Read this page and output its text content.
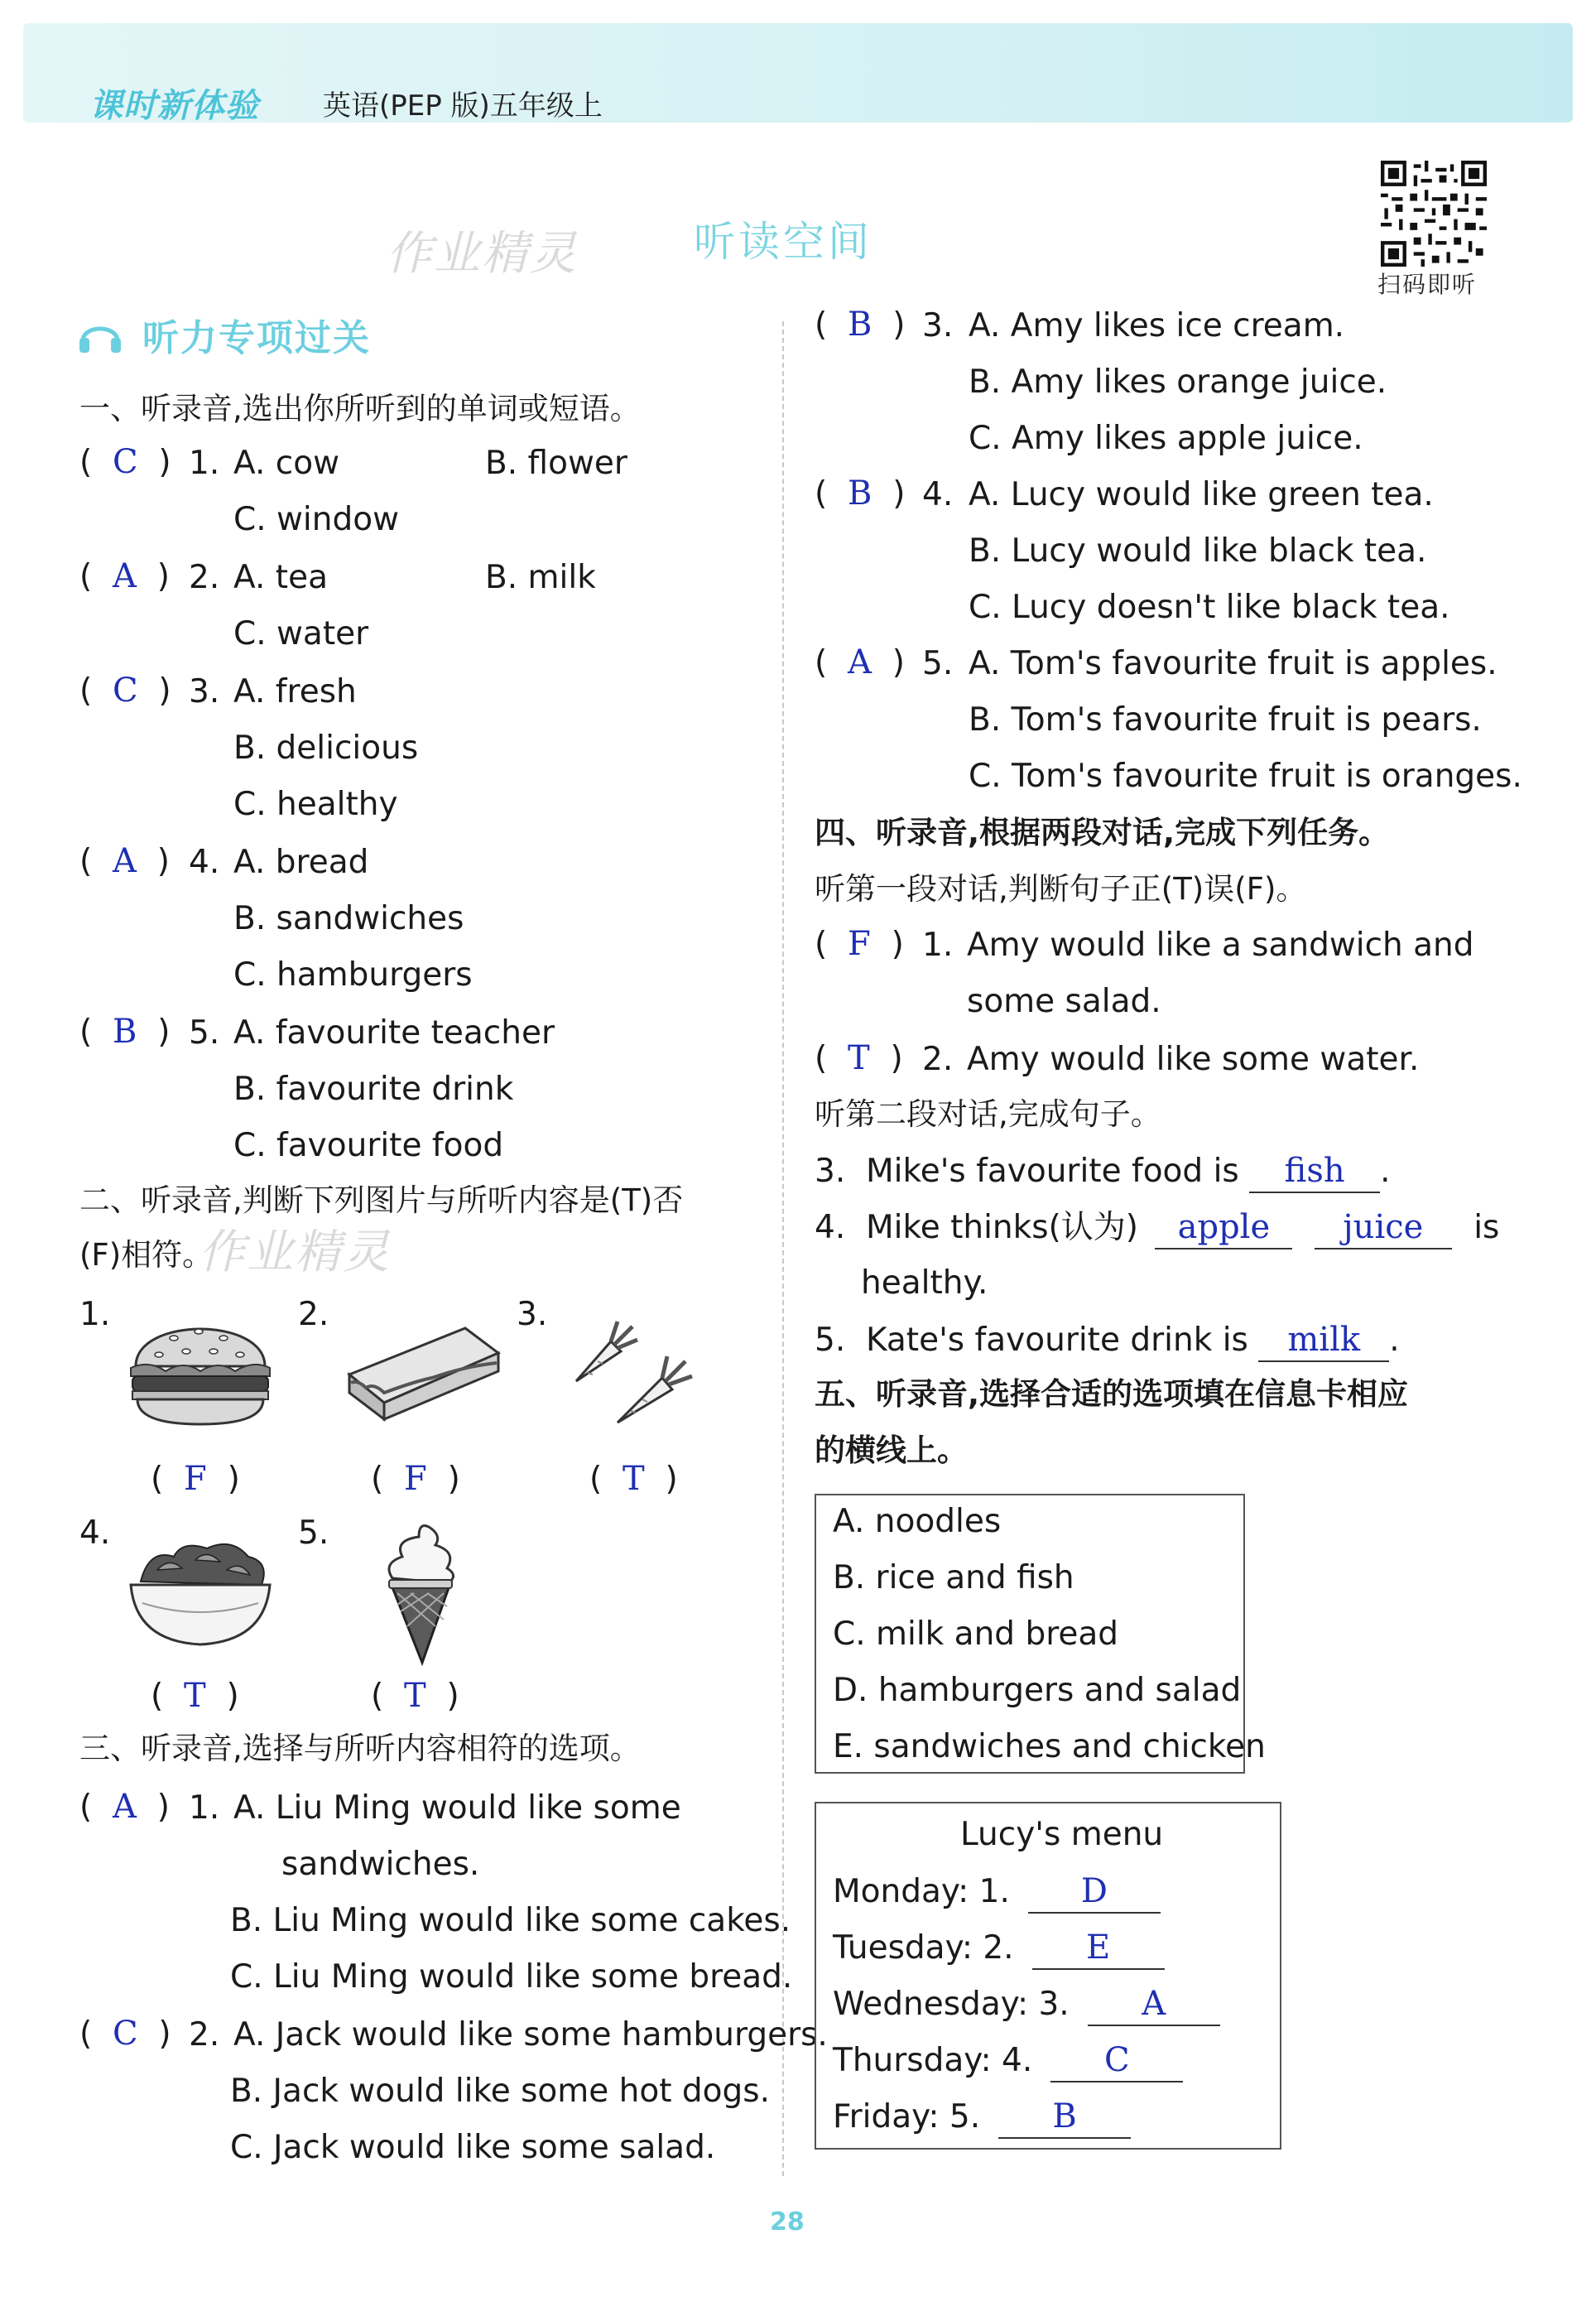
课时新体验 英语(PEP 版)五年级上
作业精灵	听读空间
扫码即听
听力专项过关
一、听录音,选出你所听到的单词或短语。
(  C  ) 1. A. cow	B. flower
C. window
(  A  ) 2. A. tea	B. milk
C. water
(  C  ) 3. A. fresh
B. delicious
C. healthy
(  A  ) 4. A. bread
B. sandwiches
C. hamburgers
(  B  ) 5. A. favourite teacher
B. favourite drink
C. favourite food
二、听录音,判断下列图片与所听内容是(T)否
(F)相符。
作业精灵
1.	2.	3.
4.	5.
(  F  )	(  F  )	(  T  )
(  T  )	(  T  )
三、听录音,选择与所听内容相符的选项。
(  A  ) 1. A. Liu Ming would like some
sandwiches.
B. Liu Ming would like some cakes.
C. Liu Ming would like some bread.
(  C  ) 2. A. Jack would like some hamburgers.
B. Jack would like some hot dogs.
C. Jack would like some salad.
(  B  ) 3. A. Amy likes ice cream.
B. Amy likes orange juice.
C. Amy likes apple juice.
(  B  ) 4. A. Lucy would like green tea.
B. Lucy would like black tea.
C. Lucy doesn't like black tea.
(  A  ) 5. A. Tom's favourite fruit is apples.
B. Tom's favourite fruit is pears.
C. Tom's favourite fruit is oranges.
四、听录音,根据两段对话,完成下列任务。
听第一段对话,判断句子正(T)误(F)。
(  F  ) 1. Amy would like a sandwich and
some salad.
(  T  ) 2. Amy would like some water.
听第二段对话,完成句子。
3. Mike's favourite food is fish .
4. Mike thinks(认为) apple juice is
healthy.
5. Kate's favourite drink is milk .
五、听录音,选择合适的选项填在信息卡相应
的横线上。
A. noodles
B. rice and fish
C. milk and bread
D. hamburgers and salad
E. sandwiches and chicken
Lucy's menu
Monday: 1. D
Tuesday: 2. E
Wednesday: 3. A
Thursday: 4. C
Friday: 5. B
28
